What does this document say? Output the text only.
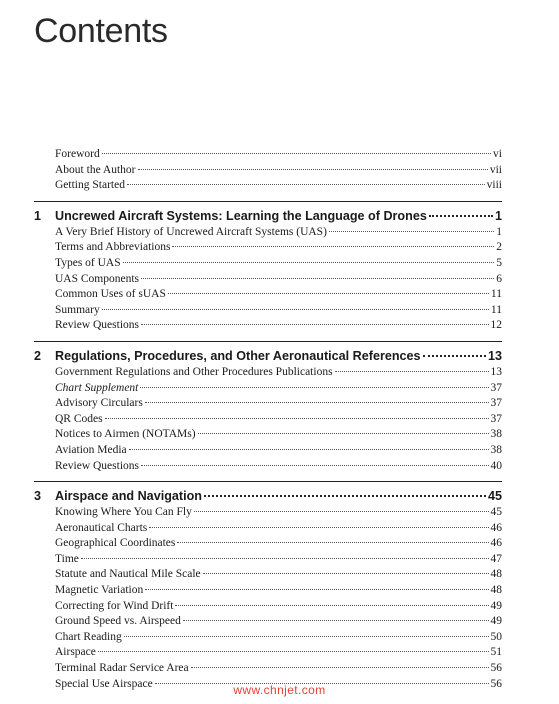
Contents
Foreword	vi
About the Author	vii
Getting Started	viii
1	Uncrewed Aircraft Systems: Learning the Language of Drones	1
A Very Brief History of Uncrewed Aircraft Systems (UAS)	1
Terms and Abbreviations	2
Types of UAS	5
UAS Components	6
Common Uses of sUAS	11
Summary	11
Review Questions	12
2	Regulations, Procedures, and Other Aeronautical References	13
Government Regulations and Other Procedures Publications	13
Chart Supplement	37
Advisory Circulars	37
QR Codes	37
Notices to Airmen (NOTAMs)	38
Aviation Media	38
Review Questions	40
3	Airspace and Navigation	45
Knowing Where You Can Fly	45
Aeronautical Charts	46
Geographical Coordinates	46
Time	47
Statute and Nautical Mile Scale	48
Magnetic Variation	48
Correcting for Wind Drift	49
Ground Speed vs. Airspeed	49
Chart Reading	50
Airspace	51
Terminal Radar Service Area	56
Special Use Airspace	56
www.chnjet.com
